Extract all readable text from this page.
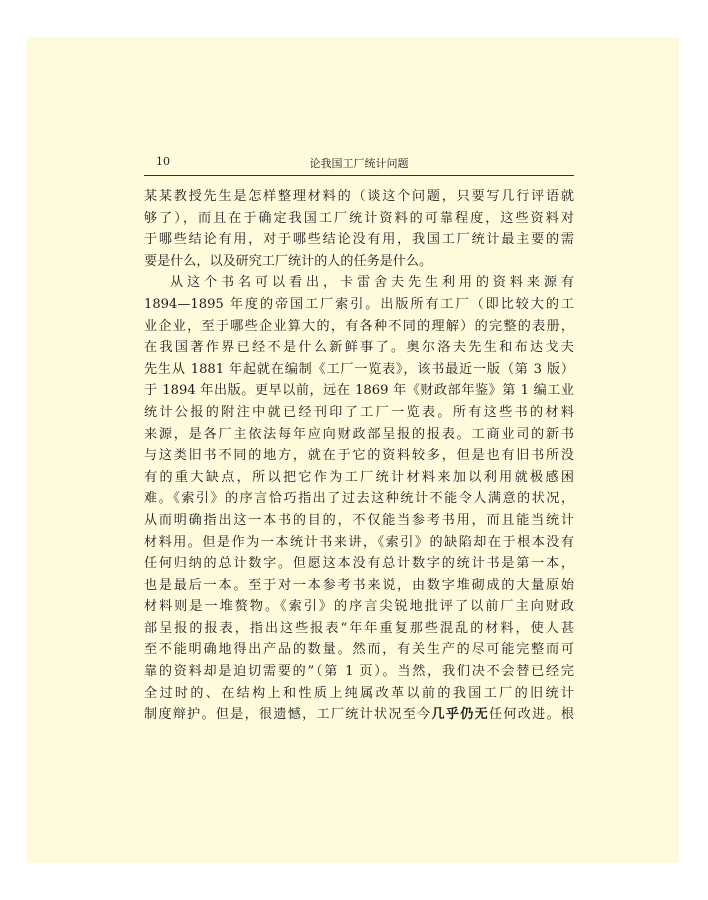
10	论我国工厂统计问题
某某教授先生是怎样整理材料的（谈这个问题，只要写几行评语就
够了），而且在于确定我国工厂统计资料的可靠程度，这些资料对
于哪些结论有用，对于哪些结论没有用，我国工厂统计最主要的需
要是什么，以及研究工厂统计的人的任务是什么。
从这个书名可以看出，卡雷舍夫先生利用的资料来源有
1894—1895 年度的帝国工厂索引。出版所有工厂（即比较大的工
业企业，至于哪些企业算大的，有各种不同的理解）的完整的表册，
在我国著作界已经不是什么新鲜事了。奥尔洛夫先生和布达戈夫
先生从 1881 年起就在编制《工厂一览表》，该书最近一版（第 3 版）
于 1894 年出版。更早以前，远在 1869 年《财政部年鉴》第 1 编工业
统计公报的附注中就已经刊印了工厂一览表。所有这些书的材料
来源，是各厂主依法每年应向财政部呈报的报表。工商业司的新书
与这类旧书不同的地方，就在于它的资料较多，但是也有旧书所没
有的重大缺点，所以把它作为工厂统计材料来加以利用就极感困
难。《索引》的序言恰巧指出了过去这种统计不能令人满意的状况，
从而明确指出这一本书的目的，不仅能当参考书用，而且能当统计
材料用。但是作为一本统计书来讲，《索引》的缺陷却在于根本没有
任何归纳的总计数字。但愿这本没有总计数字的统计书是第一本，
也是最后一本。至于对一本参考书来说，由数字堆砌成的大量原始
材料则是一堆赘物。《索引》的序言尖锐地批评了以前厂主向财政
部呈报的报表，指出这些报表“年年重复那些混乱的材料，使人甚
至不能明确地得出产品的数量。然而，有关生产的尽可能完整而可
靠的资料却是迫切需要的”（第 1 页）。当然，我们决不会替已经完
全过时的、在结构上和性质上纯属改革以前的我国工厂的旧统计
制度辩护。但是，很遗憾，工厂统计状况至今几乎仍无任何改进。根
